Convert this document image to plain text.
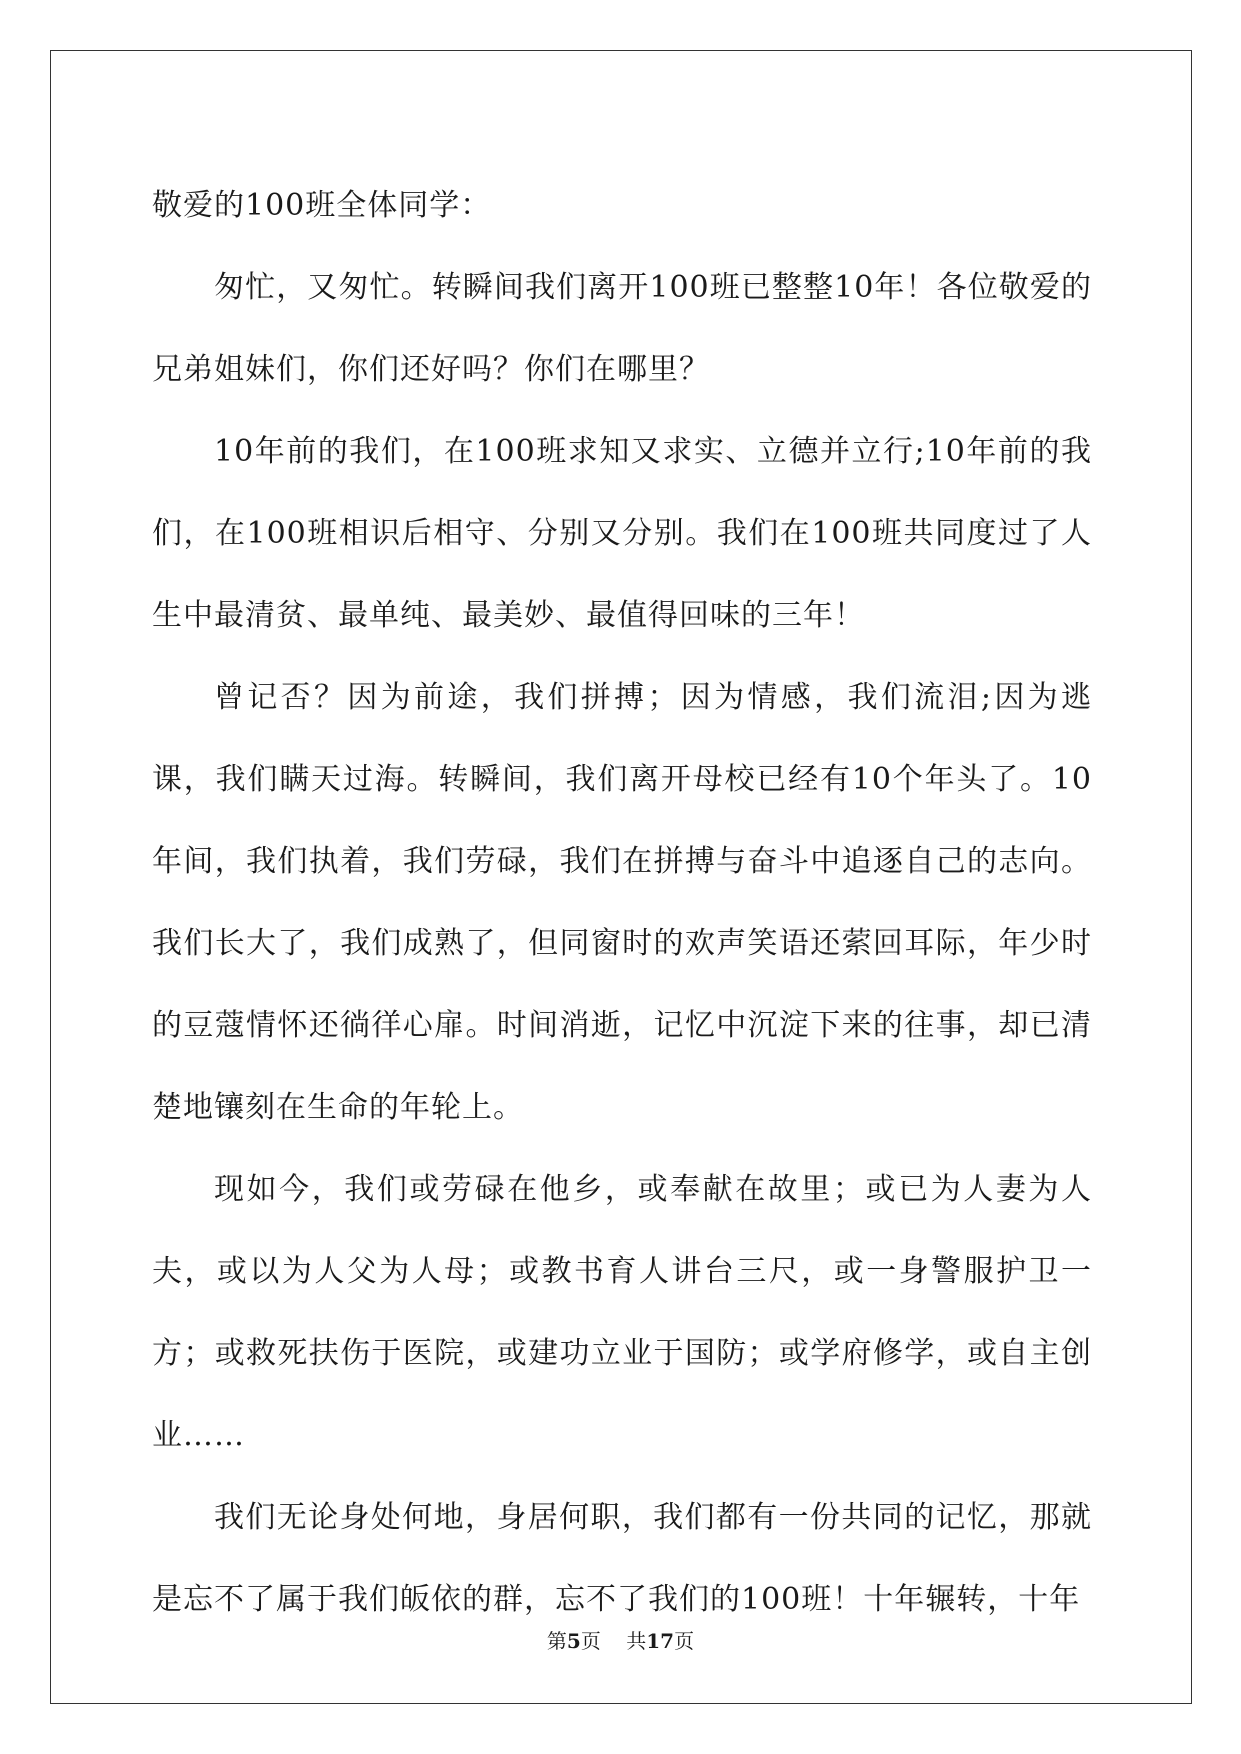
敬爱的100班全体同学：

匆忙，又匆忙。转瞬间我们离开100班已整整10年！各位敬爱的兄弟姐妹们，你们还好吗？你们在哪里？

10年前的我们，在100班求知又求实、立德并立行;10年前的我们，在100班相识后相守、分别又分别。我们在100班共同度过了人生中最清贫、最单纯、最美妙、最值得回味的三年！

曾记否？因为前途，我们拼搏；因为情感，我们流泪;因为逃课，我们瞒天过海。转瞬间，我们离开母校已经有10个年头了。10年间，我们执着，我们劳碌，我们在拼搏与奋斗中追逐自己的志向。我们长大了，我们成熟了，但同窗时的欢声笑语还萦回耳际，年少时的豆蔻情怀还徜徉心扉。时间消逝，记忆中沉淀下来的往事，却已清楚地镶刻在生命的年轮上。

现如今，我们或劳碌在他乡，或奉献在故里；或已为人妻为人夫，或以为人父为人母；或教书育人讲台三尺，或一身警服护卫一方；或救死扶伤于医院，或建功立业于国防；或学府修学，或自主创业……

我们无论身处何地，身居何职，我们都有一份共同的记忆，那就是忘不了属于我们皈依的群，忘不了我们的100班！十年辗转，十年

第5页 共17页
